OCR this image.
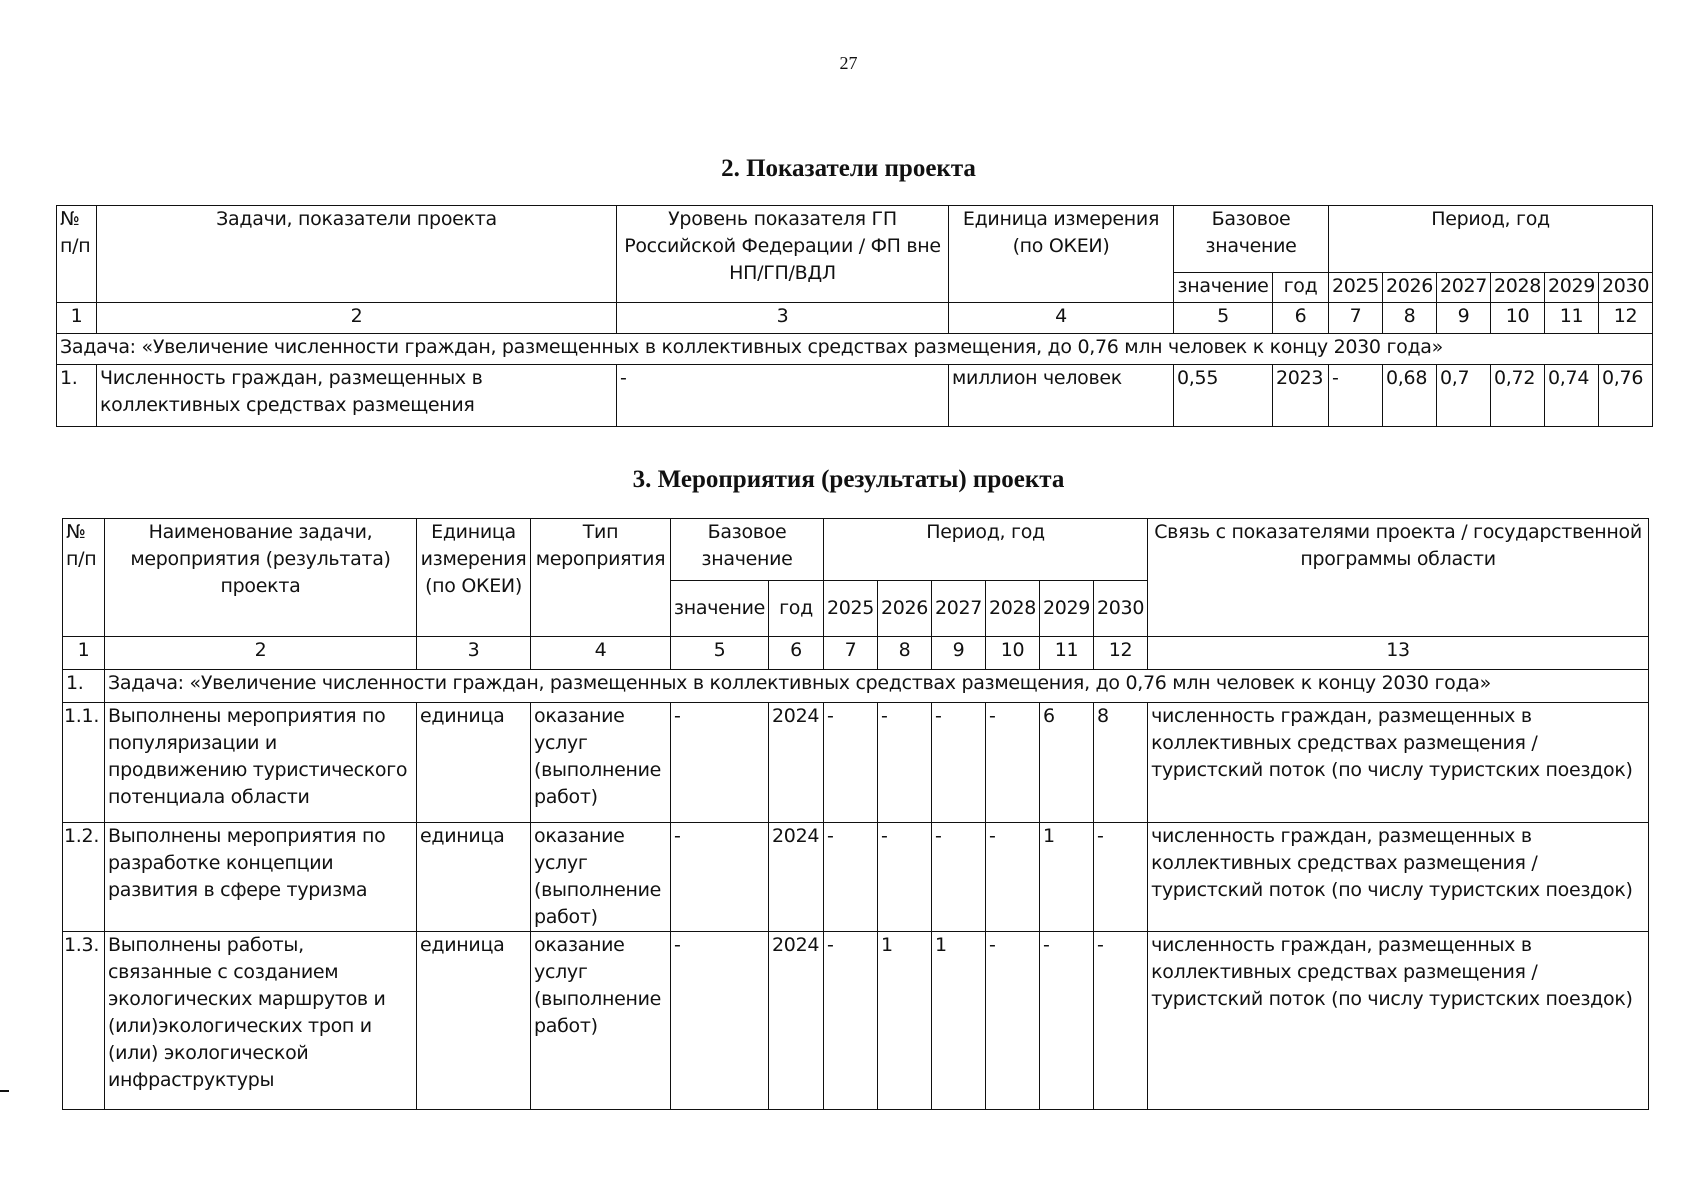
27
2. Показатели проекта
№ п/п	Задачи, показатели проекта	Уровень показателя ГП Российской Федерации / ФП вне НП/ГП/ВДЛ	Единица измерения (по ОКЕИ)	Базовое значение		Период, год					
				значение	год	2025	2026	2027	2028	2029	2030
1	2	3	4	5	6	7	8	9	10	11	12
Задача: «Увеличение численности граждан, размещенных в коллективных средствах размещения, до 0,76 млн человек к концу 2030 года»											
1.	Численность граждан, размещенных в коллективных средствах размещения	-	миллион человек	0,55	2023	-	0,68	0,7	0,72	0,74	0,76
3. Мероприятия (результаты) проекта
№ п/п	Наименование задачи, мероприятия (результата) проекта	Единица измерения (по ОКЕИ)	Тип мероприятия	Базовое значение		Период, год						Связь с показателями проекта / государственной программы области
				значение	год	2025	2026	2027	2028	2029	2030	
1	2	3	4	5	6	7	8	9	10	11	12	13
1.	Задача: «Увеличение численности граждан, размещенных в коллективных средствах размещения, до 0,76 млн человек к концу 2030 года»											
1.1.	Выполнены мероприятия по популяризации и продвижению туристического потенциала области	единица	оказание услуг (выполнение работ)	-	2024	-	-	-	-	6	8	численность граждан, размещенных в коллективных средствах размещения / туристский поток (по числу туристских поездок)
1.2.	Выполнены мероприятия по разработке концепции развития в сфере туризма	единица	оказание услуг (выполнение работ)	-	2024	-	-	-	-	1	-	численность граждан, размещенных в коллективных средствах размещения / туристский поток (по числу туристских поездок)
1.3.	Выполнены работы, связанные с созданием экологических маршрутов и (или)экологических троп и (или) экологической инфраструктуры	единица	оказание услуг (выполнение работ)	-	2024	-	1	1	-	-	-	численность граждан, размещенных в коллективных средствах размещения / туристский поток (по числу туристских поездок)
